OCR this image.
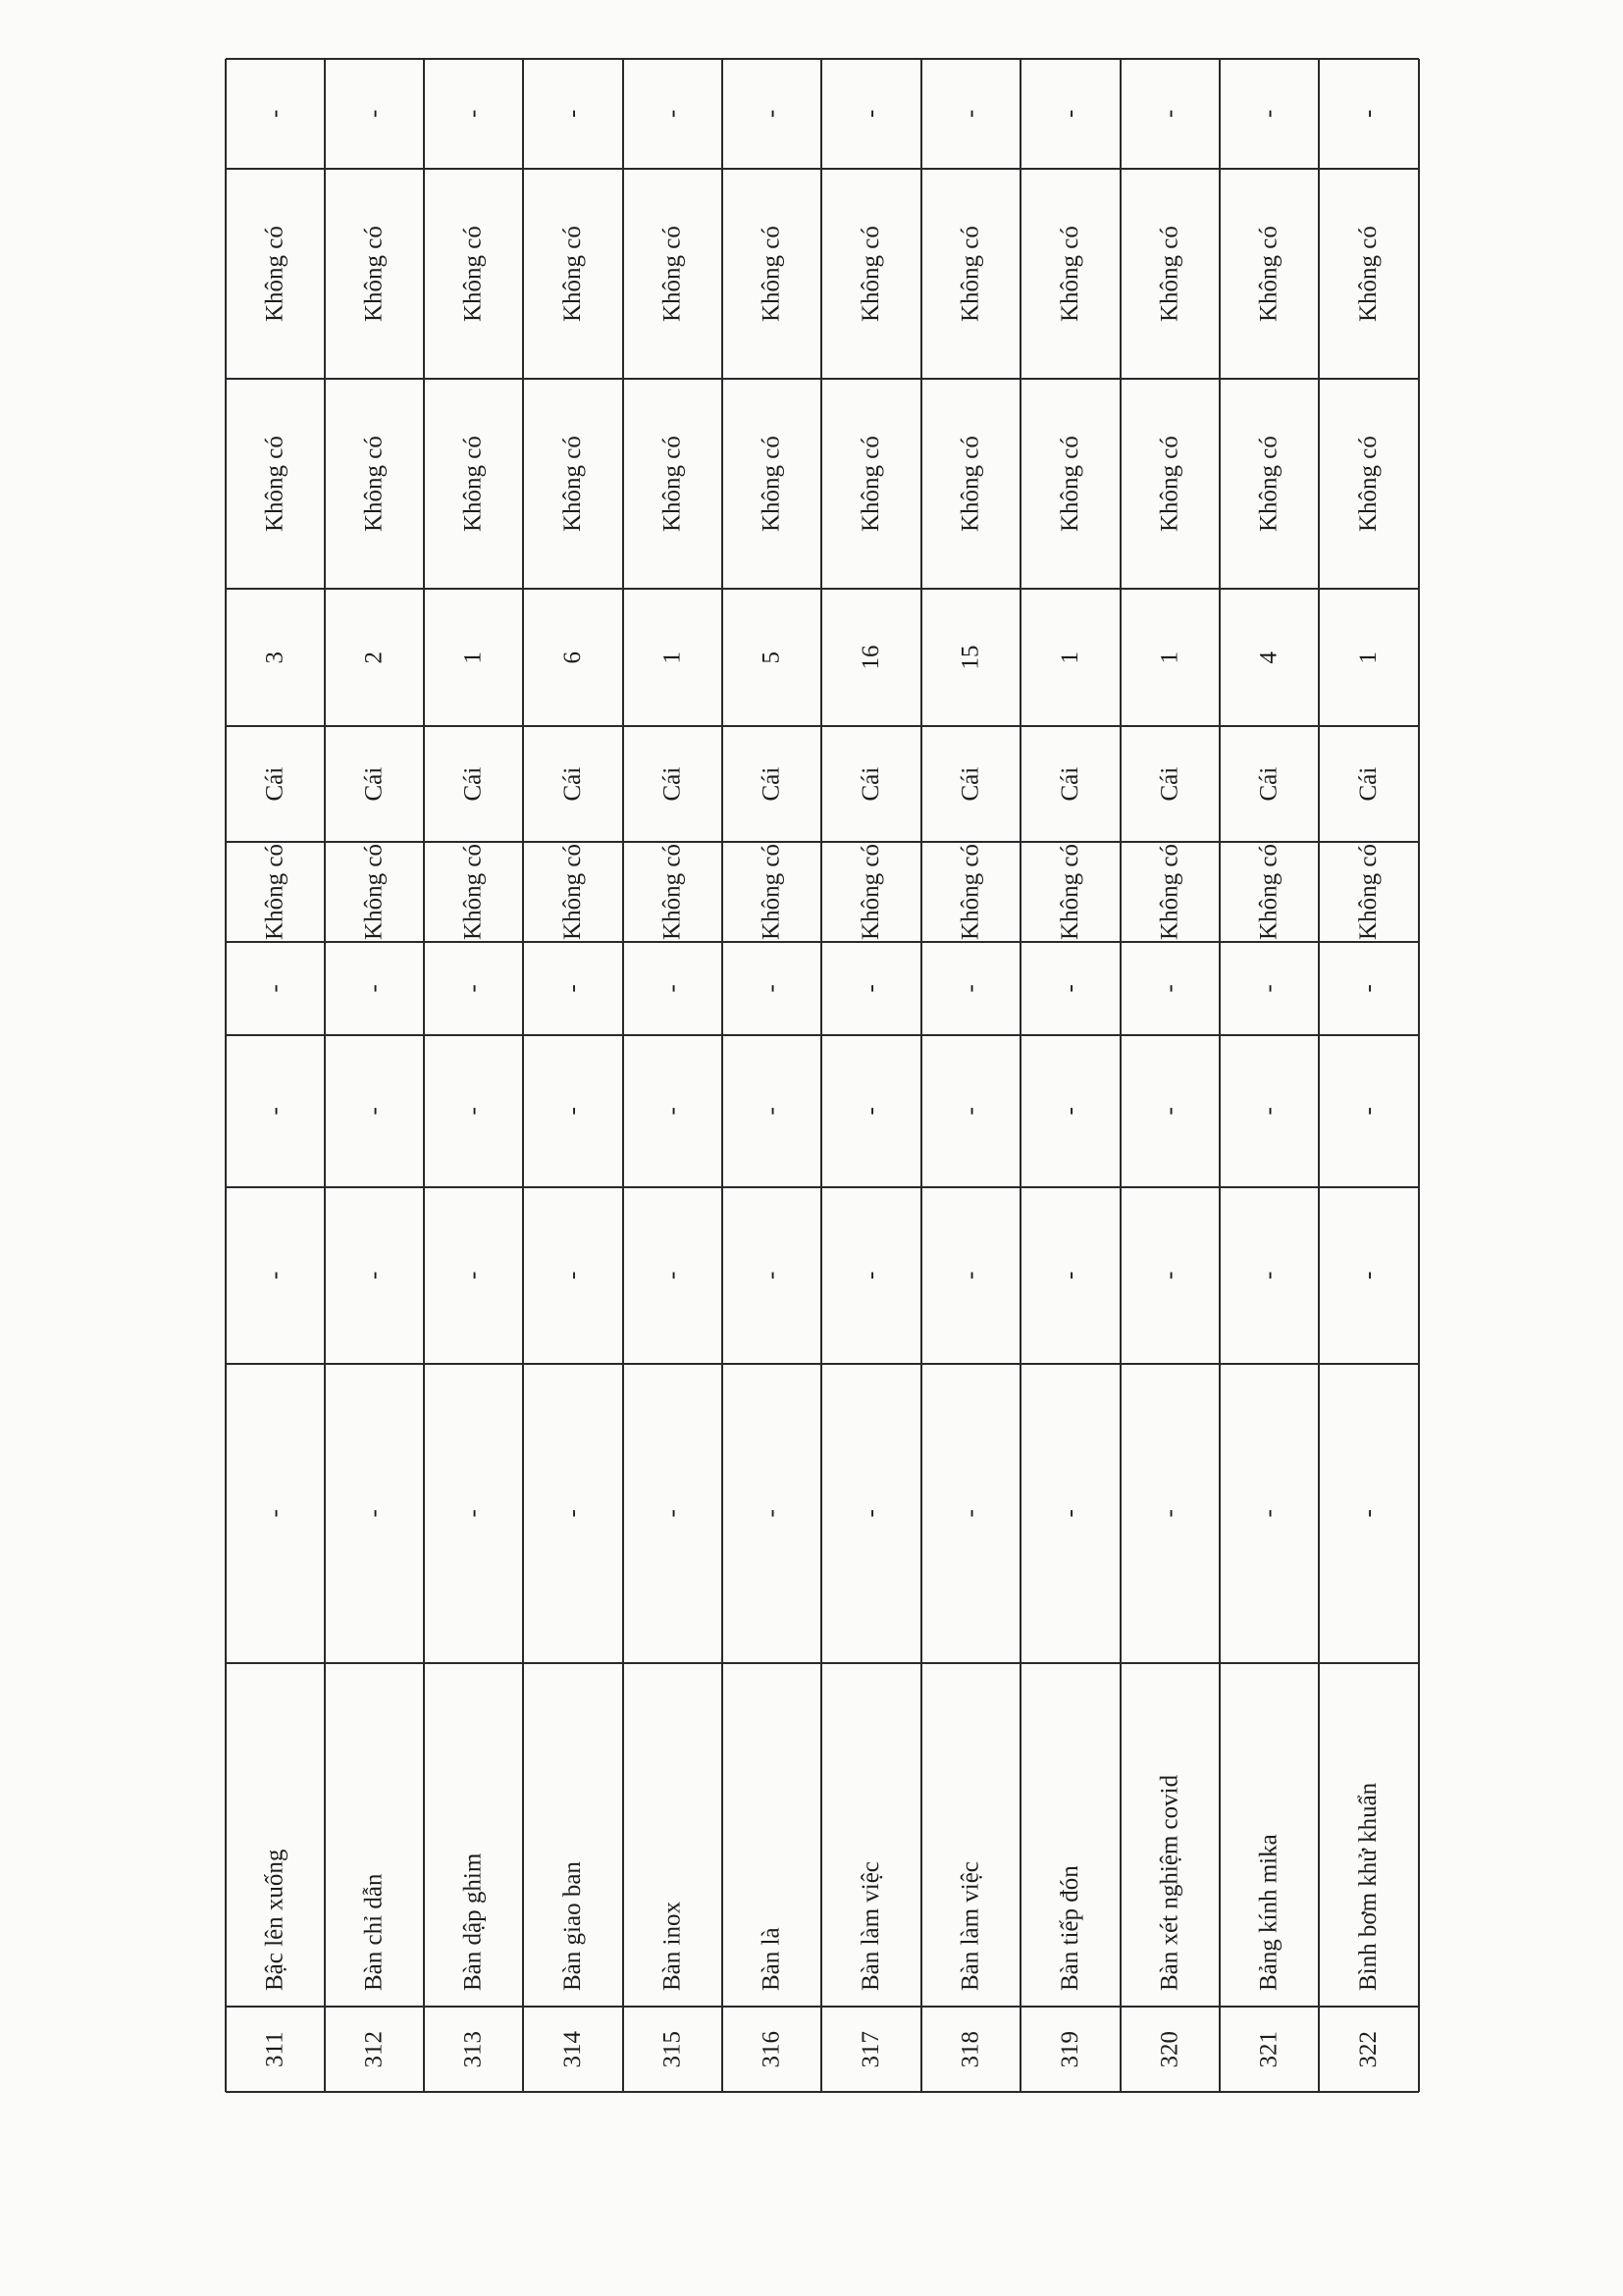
-
Không có
Không có
3
Cái
Không có
-
-
-
-
Bậc lên xuống
311
-
Không có
Không có
2
Cái
Không có
-
-
-
-
Bàn chỉ dẫn
312
-
Không có
Không có
1
Cái
Không có
-
-
-
-
Bàn dập ghim
313
-
Không có
Không có
6
Cái
Không có
-
-
-
-
Bàn giao ban
314
-
Không có
Không có
1
Cái
Không có
-
-
-
-
Bàn inox
315
-
Không có
Không có
5
Cái
Không có
-
-
-
-
Bàn là
316
-
Không có
Không có
16
Cái
Không có
-
-
-
-
Bàn làm việc
317
-
Không có
Không có
15
Cái
Không có
-
-
-
-
Bàn làm việc
318
-
Không có
Không có
1
Cái
Không có
-
-
-
-
Bàn tiếp đón
319
-
Không có
Không có
1
Cái
Không có
-
-
-
-
Bàn xét nghiệm covid
320
-
Không có
Không có
4
Cái
Không có
-
-
-
-
Bảng kính mika
321
-
Không có
Không có
1
Cái
Không có
-
-
-
-
Bình bơm khử khuẩn
322
